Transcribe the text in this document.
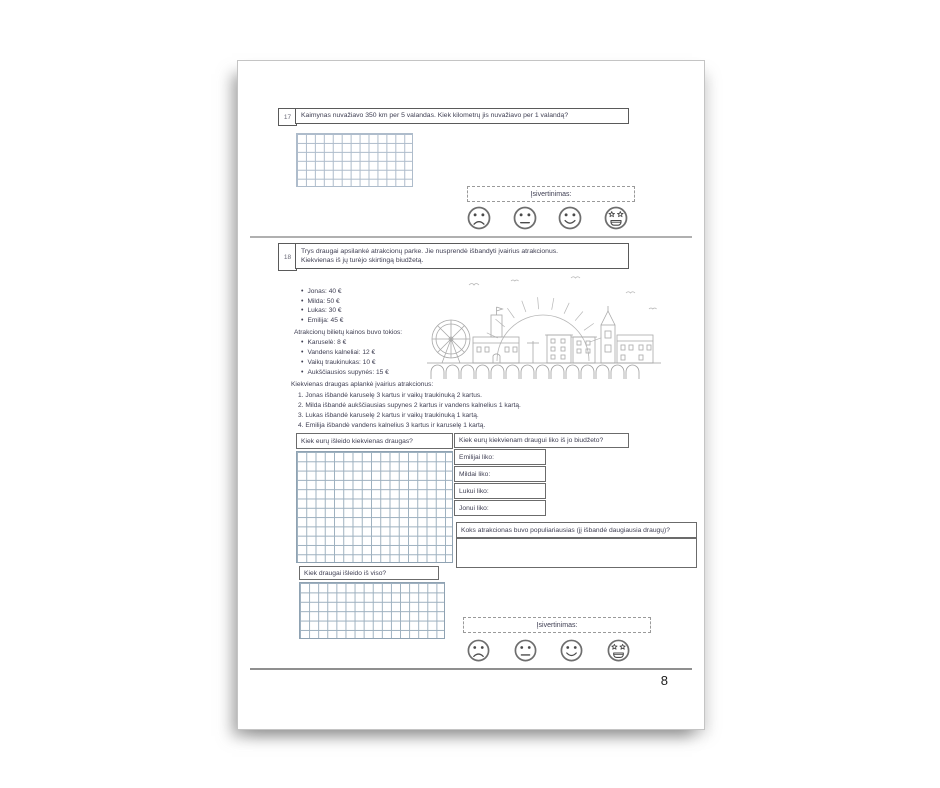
17	Kaimynas nuvažiavo 350 km per 5 valandas. Kiek kilometrų jis nuvažiavo per 1 valandą?
Įsivertinimas:
18
Trys draugai apsilankė atrakcionų parke. Jie nusprendė išbandyti įvairius atrakcionus.
Kiekvienas iš jų turėjo skirtingą biudžetą.
• Jonas: 40 €
• Milda: 50 €
• Lukas: 30 €
• Emilija: 45 €
Atrakcionų bilietų kainos buvo tokios:
• Karuselė: 8 €
• Vandens kalneliai: 12 €
• Vaikų traukinukas: 10 €
• Aukščiausios supynės: 15 €
Kiekvienas draugas aplankė įvairius atrakcionus:
1. Jonas išbandė karuselę 3 kartus ir vaikų traukinuką 2 kartus.
2. Milda išbandė aukščiausias supynes 2 kartus ir vandens kalnelius 1 kartą.
3. Lukas išbandė karuselę 2 kartus ir vaikų traukinuką 1 kartą.
4. Emilija išbandė vandens kalnelius 3 kartus ir karuselę 1 kartą.
Kiek eurų išleido kiekvienas draugas?
Kiek draugai išleido iš viso?
Kiek eurų kiekvienam draugui liko iš jo biudžeto?
Emilijai liko:
Mildai liko:
Lukui liko:
Jonui liko:
Koks atrakcionas buvo populiariausias (jį išbandė daugiausia draugų)?
Įsivertinimas:
8
